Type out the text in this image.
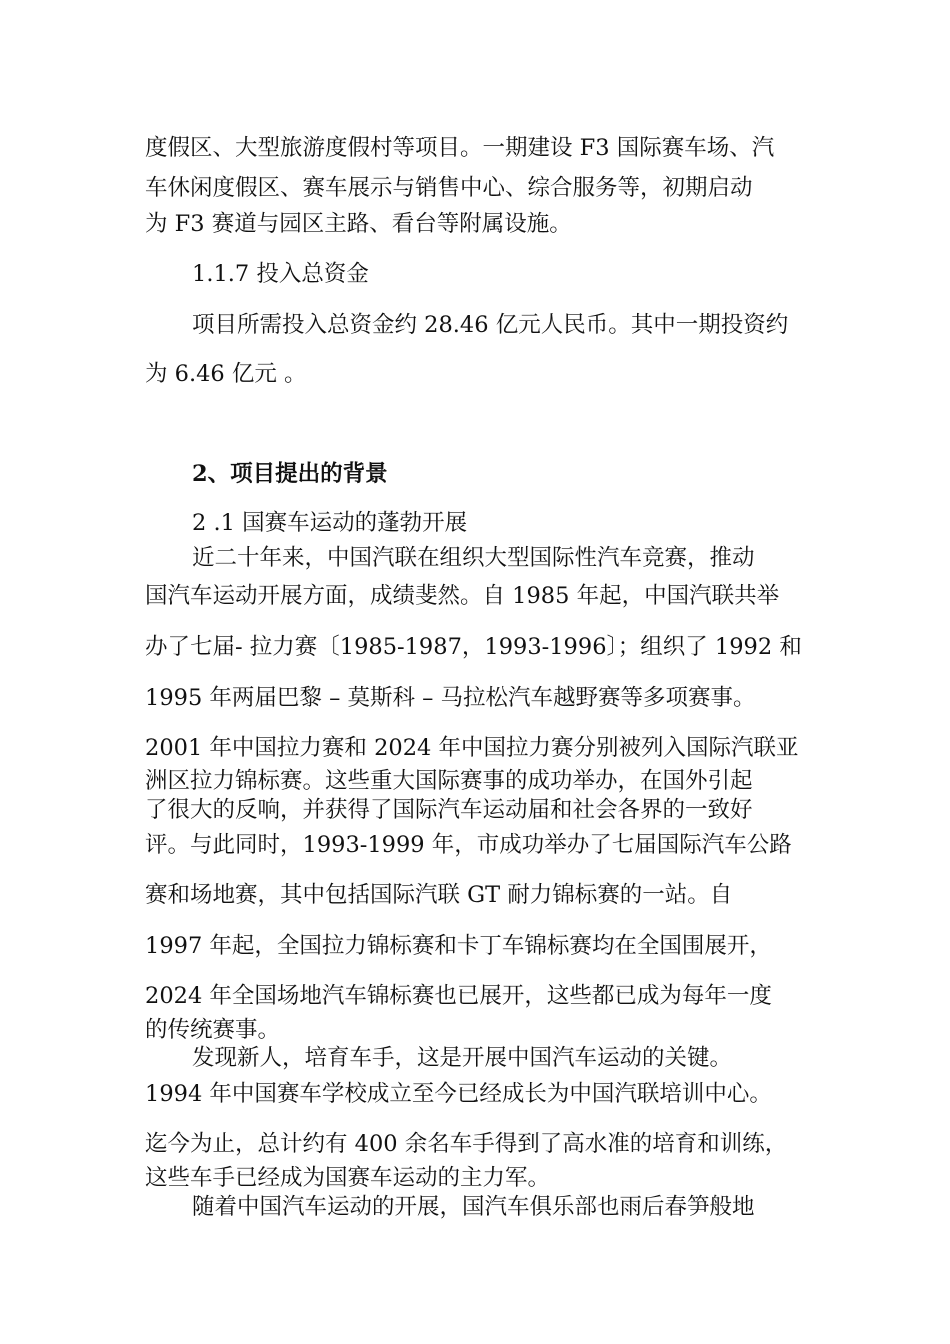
度假区、大型旅游度假村等项目。一期建设 F3 国际赛车场、汽

车休闲度假区、赛车展示与销售中心、综合服务等，初期启动

为 F3 赛道与园区主路、看台等附属设施。

1.1.7 投入总资金

项目所需投入总资金约 28.46 亿元人民币。其中一期投资约

为 6.46 亿元 。

2、项目提出的背景

2 .1 国赛车运动的蓬勃开展

近二十年来，中国汽联在组织大型国际性汽车竞赛，推动

国汽车运动开展方面，成绩斐然。自 1985 年起，中国汽联共举

办了七届- 拉力赛〔1985-1987，1993-1996〕；组织了 1992 和

1995 年两届巴黎 – 莫斯科 – 马拉松汽车越野赛等多项赛事。

2001 年中国拉力赛和 2024 年中国拉力赛分别被列入国际汽联亚

洲区拉力锦标赛。这些重大国际赛事的成功举办，在国外引起

了很大的反响，并获得了国际汽车运动届和社会各界的一致好

评。与此同时，1993-1999 年，市成功举办了七届国际汽车公路

赛和场地赛，其中包括国际汽联 GT 耐力锦标赛的一站。自

1997 年起，全国拉力锦标赛和卡丁车锦标赛均在全国围展开，

2024 年全国场地汽车锦标赛也已展开，这些都已成为每年一度

的传统赛事。

发现新人，培育车手，这是开展中国汽车运动的关键。

1994 年中国赛车学校成立至今已经成长为中国汽联培训中心。

迄今为止，总计约有 400 余名车手得到了高水准的培育和训练，

这些车手已经成为国赛车运动的主力军。

随着中国汽车运动的开展，国汽车俱乐部也雨后春笋般地
